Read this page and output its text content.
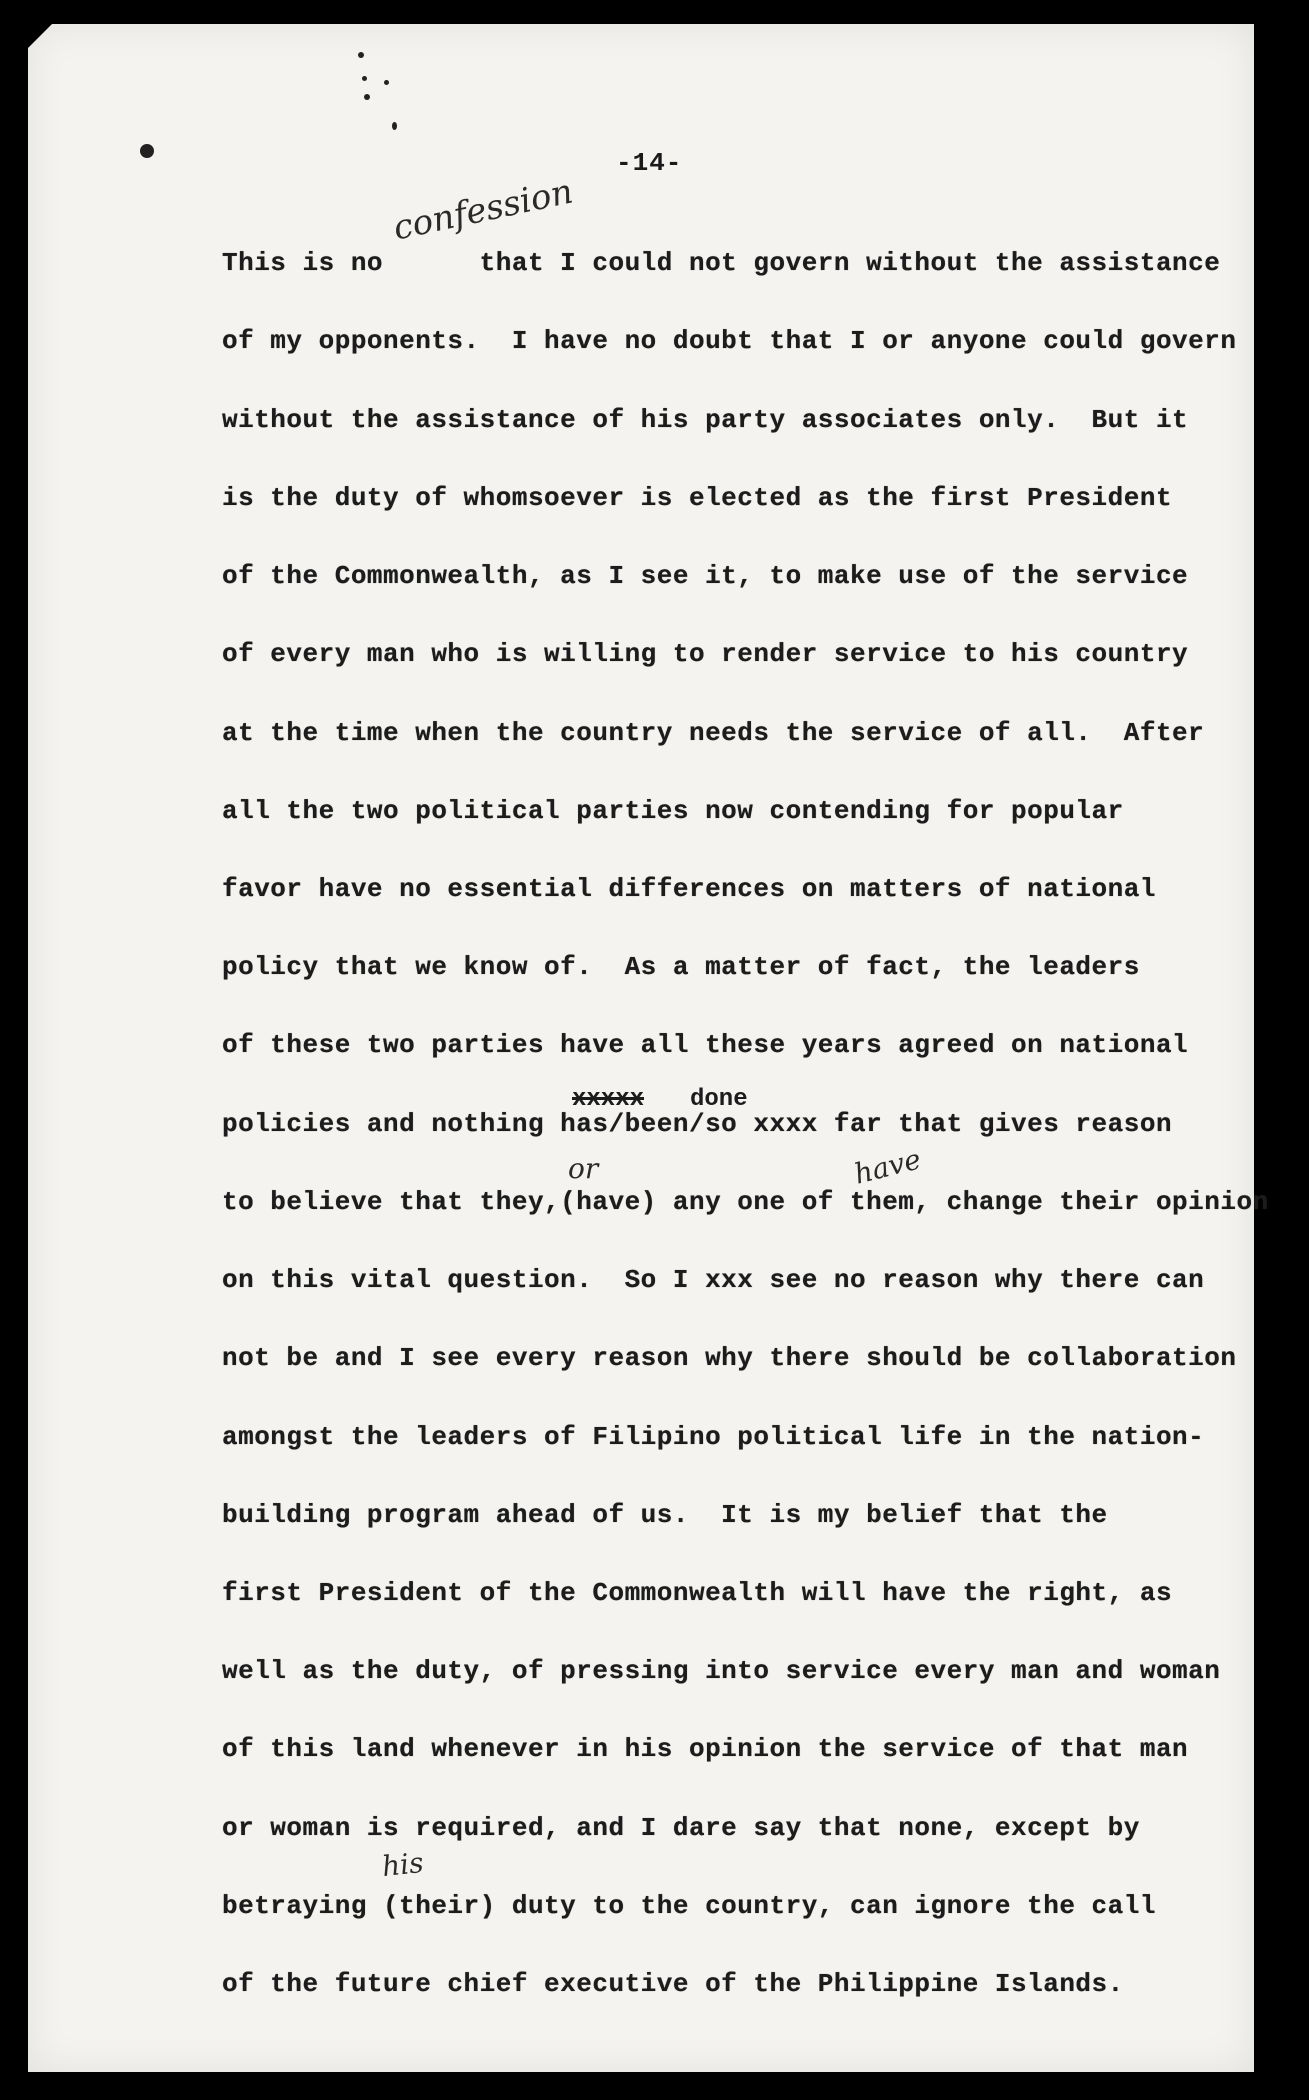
-14-
confession
xxxxx done
or	have
his
This is no      that I could not govern without the assistance
of my opponents.  I have no doubt that I or anyone could govern
without the assistance of his party associates only.  But it
is the duty of whomsoever is elected as the first President
of the Commonwealth, as I see it, to make use of the service
of every man who is willing to render service to his country
at the time when the country needs the service of all.  After
all the two political parties now contending for popular
favor have no essential differences on matters of national
policy that we know of.  As a matter of fact, the leaders
of these two parties have all these years agreed on national
policies and nothing has/been/so xxxx far that gives reason
to believe that they,(have) any one of them, change their opinion
on this vital question.  So I xxx see no reason why there can
not be and I see every reason why there should be collaboration
amongst the leaders of Filipino political life in the nation-
building program ahead of us.  It is my belief that the
first President of the Commonwealth will have the right, as
well as the duty, of pressing into service every man and woman
of this land whenever in his opinion the service of that man
or woman is required, and I dare say that none, except by
betraying (their) duty to the country, can ignore the call
of the future chief executive of the Philippine Islands.
